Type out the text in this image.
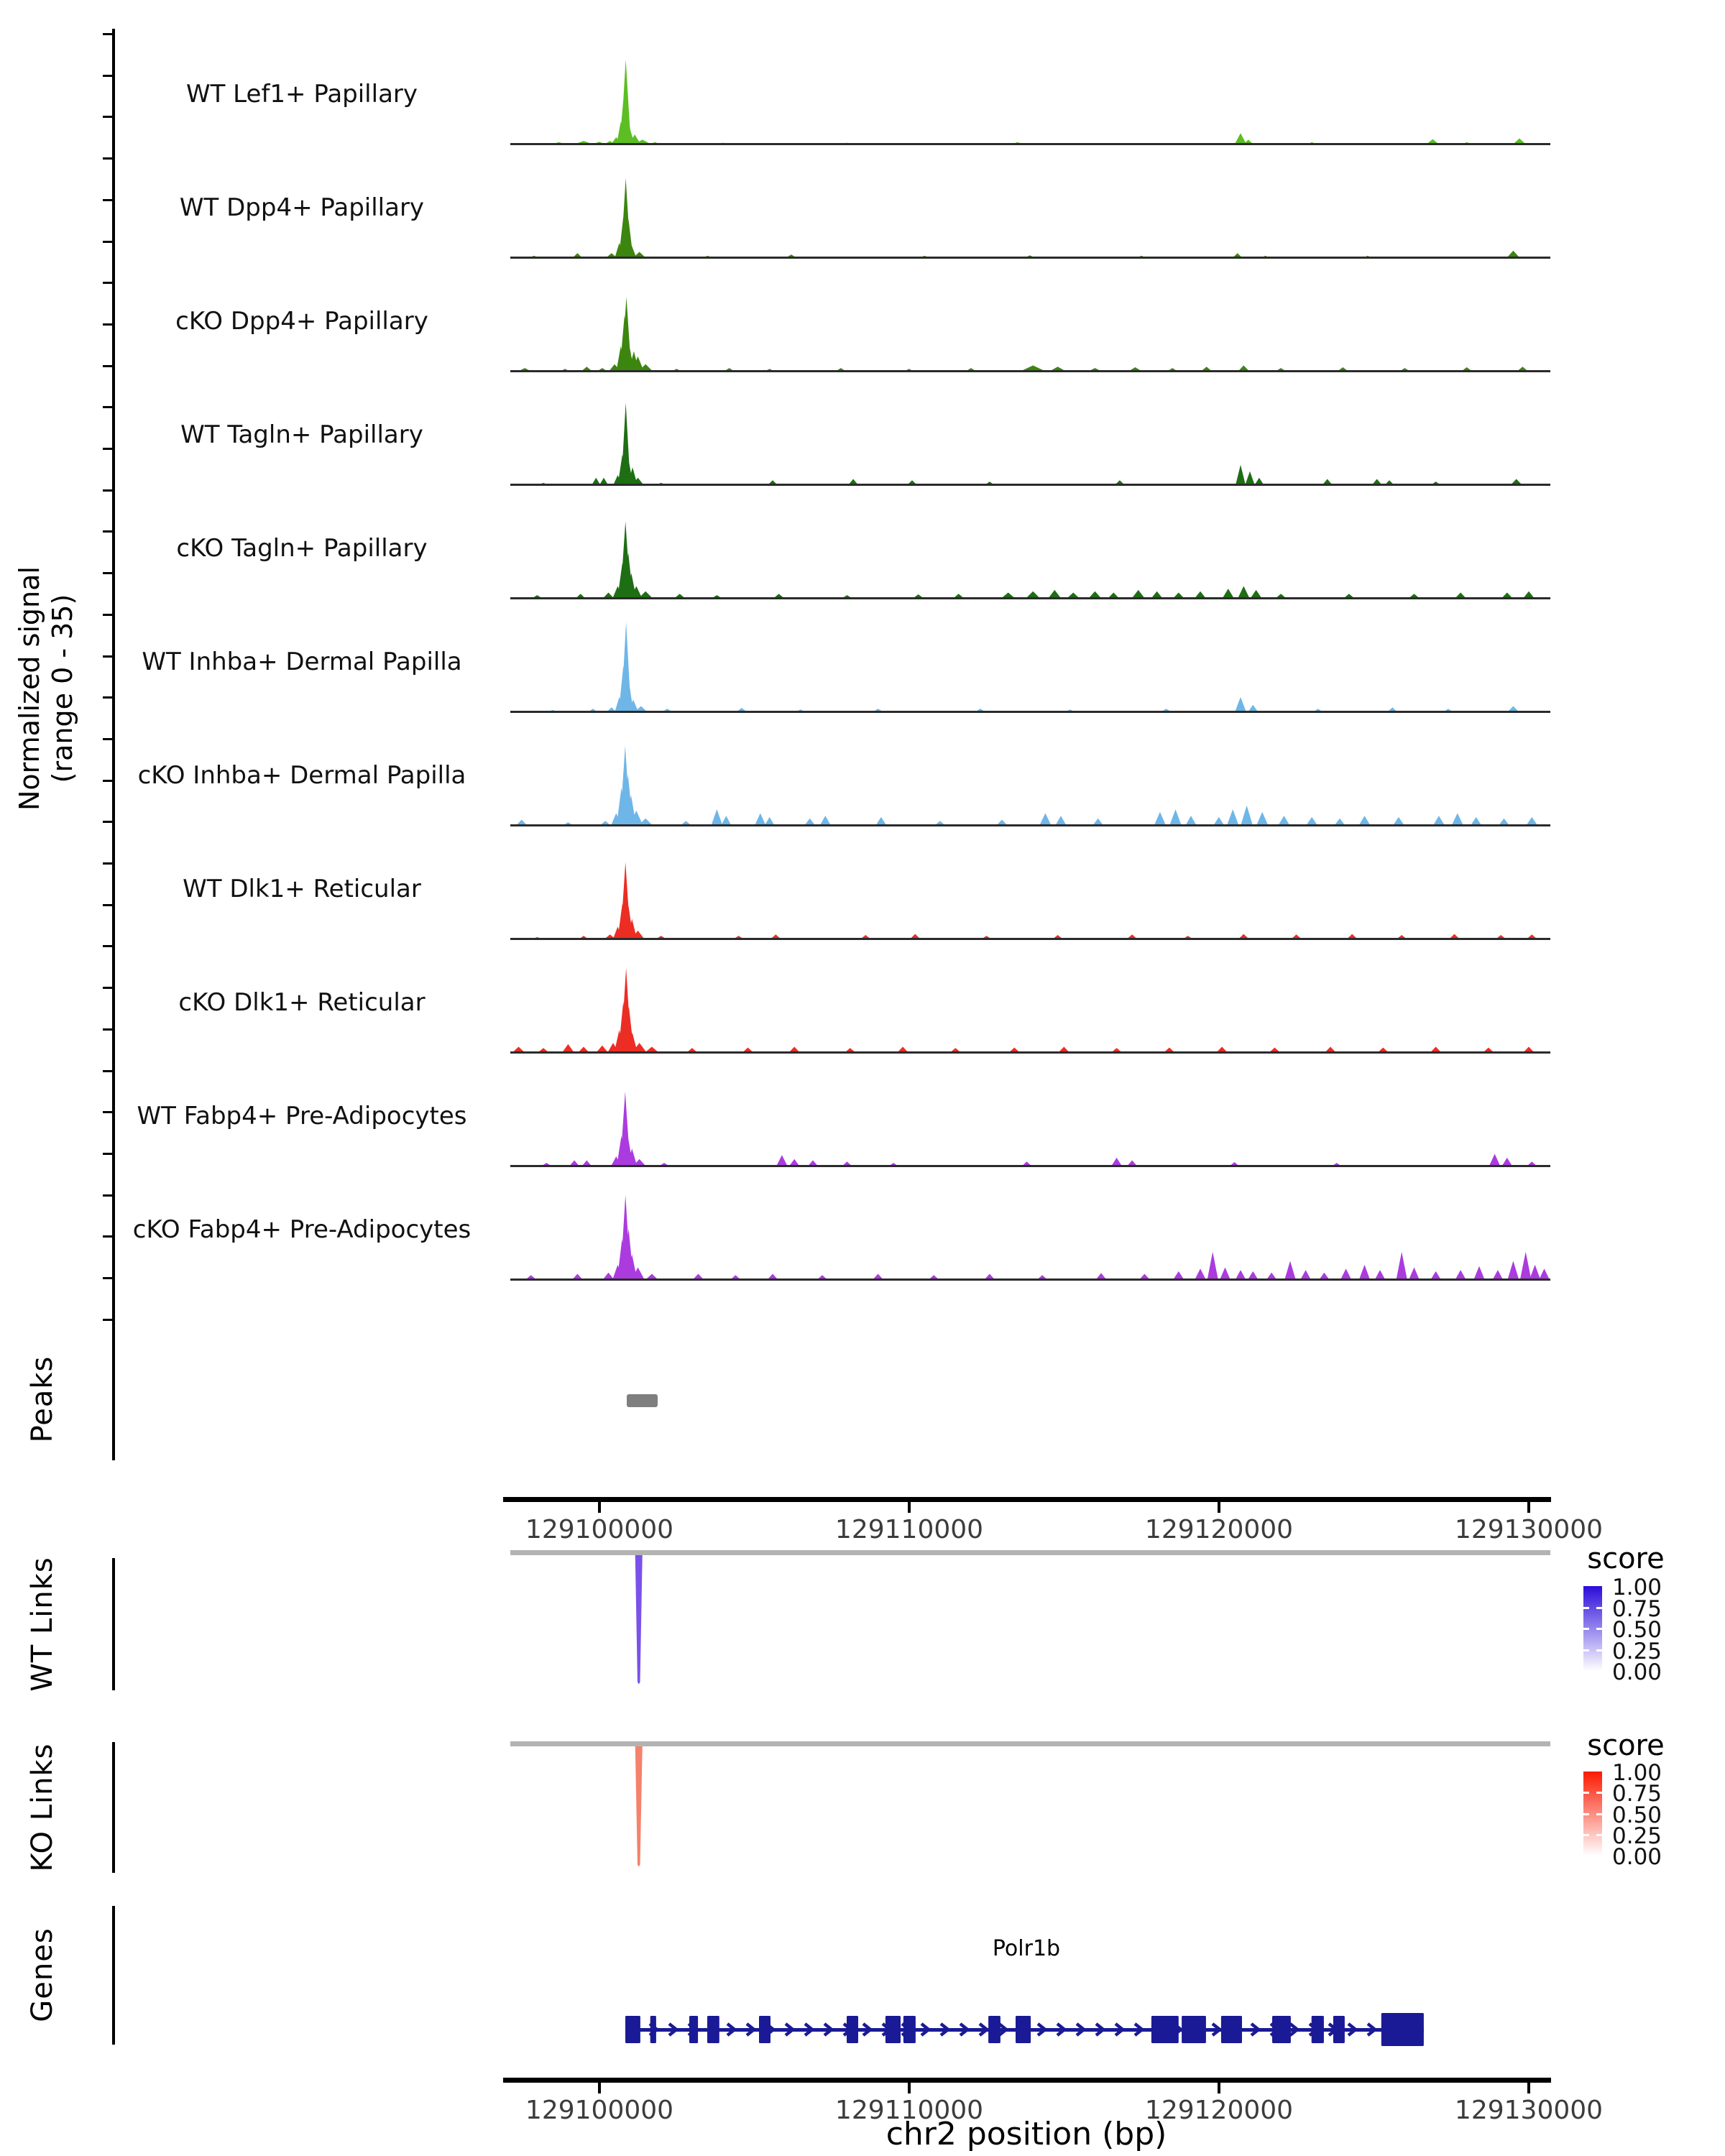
Normalized signal (range 0 - 35)
WT Lef1+ Papillary
WT Dpp4+ Papillary
cKO Dpp4+ Papillary
WT Tagln+ Papillary
cKO Tagln+ Papillary
WT Inhba+ Dermal Papilla
cKO Inhba+ Dermal Papilla
WT Dlk1+ Reticular
cKO Dlk1+ Reticular
WT Fabp4+ Pre-Adipocytes
cKO Fabp4+ Pre-Adipocytes
Peaks
129100000	129110000	129120000	129130000
WT Links	score
1.00
0.75
0.50
0.25
0.00
KO Links	score
1.00
0.75
0.50
0.25
0.00
Genes	Polr1b
129100000	129110000	129120000	129130000
chr2 position (bp)
